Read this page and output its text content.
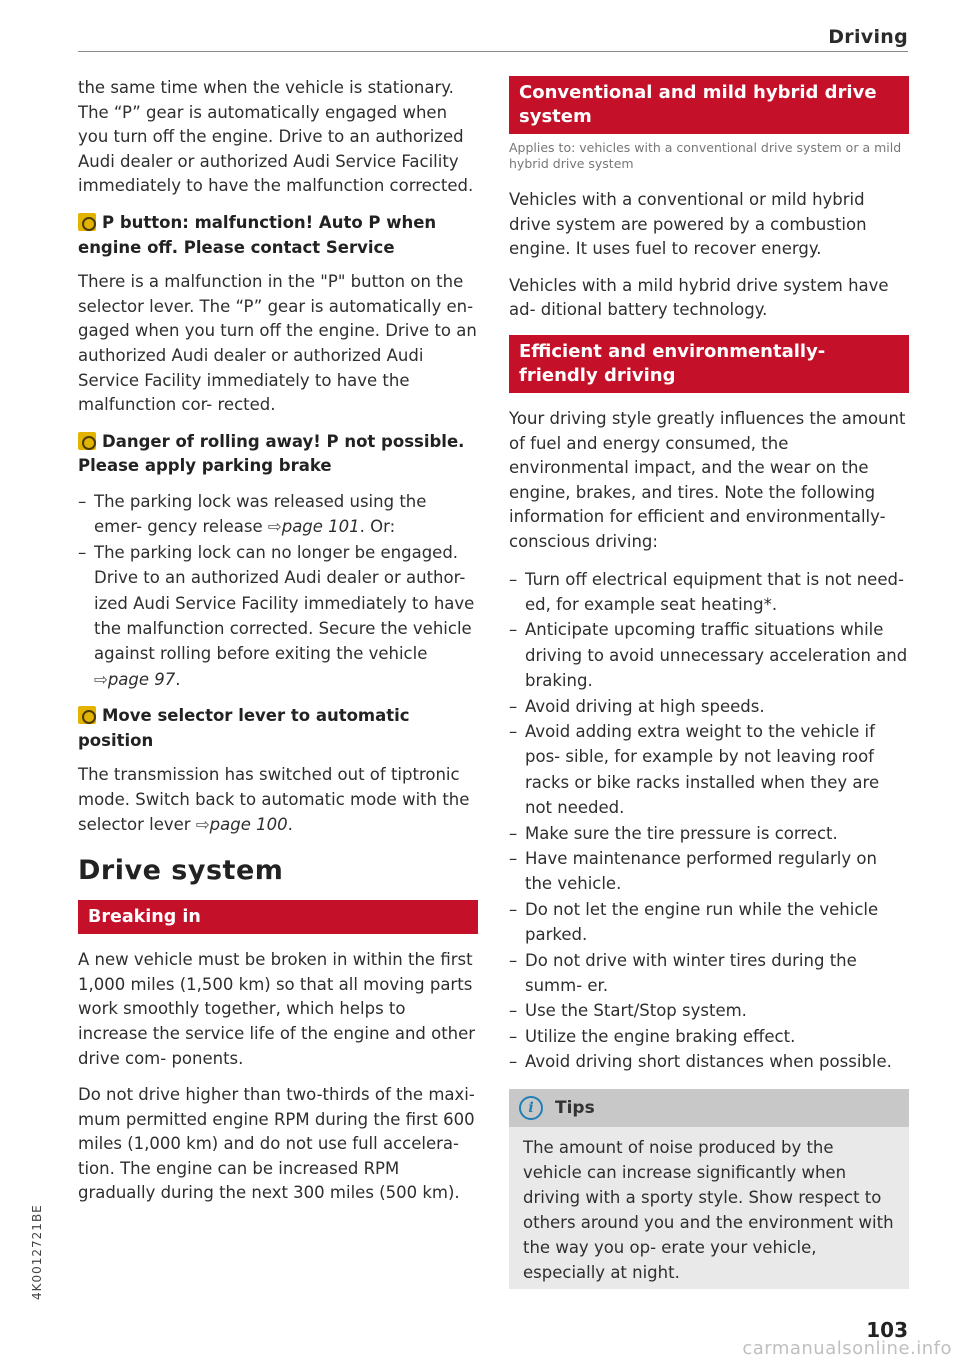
Driving

the same time when the vehicle is stationary. The “P” gear is automatically engaged when you turn off the engine. Drive to an authorized Audi dealer or authorized Audi Service Facility immediately to have the malfunction corrected.

P button: malfunction! Auto P when engine off. Please contact Service

There is a malfunction in the "P" button on the selector lever. The “P” gear is automatically en- gaged when you turn off the engine. Drive to an authorized Audi dealer or authorized Audi Service Facility immediately to have the malfunction cor- rected.

Danger of rolling away! P not possible. Please apply parking brake
– The parking lock was released using the emer- gency release ⇨page 101. Or:
– The parking lock can no longer be engaged. Drive to an authorized Audi dealer or author- ized Audi Service Facility immediately to have the malfunction corrected. Secure the vehicle against rolling before exiting the vehicle ⇨page 97.
Move selector lever to automatic position

The transmission has switched out of tiptronic mode. Switch back to automatic mode with the selector lever ⇨page 100.

Drive system
Breaking in

A new vehicle must be broken in within the first 1,000 miles (1,500 km) so that all moving parts work smoothly together, which helps to increase the service life of the engine and other drive com- ponents.

Do not drive higher than two-thirds of the maxi- mum permitted engine RPM during the first 600 miles (1,000 km) and do not use full accelera- tion. The engine can be increased RPM gradually during the next 300 miles (500 km).

Conventional and mild hybrid drive system
Applies to: vehicles with a conventional drive system or a mild hybrid drive system

Vehicles with a conventional or mild hybrid drive system are powered by a combustion engine. It uses fuel to recover energy.

Vehicles with a mild hybrid drive system have ad- ditional battery technology.

Efficient and environmentally-friendly driving

Your driving style greatly influences the amount of fuel and energy consumed, the environmental impact, and the wear on the engine, brakes, and tires. Note the following information for efficient and environmentally-conscious driving:

– Turn off electrical equipment that is not need- ed, for example seat heating*.
– Anticipate upcoming traffic situations while driving to avoid unnecessary acceleration and braking.
– Avoid driving at high speeds.
– Avoid adding extra weight to the vehicle if pos- sible, for example by not leaving roof racks or bike racks installed when they are not needed.
– Make sure the tire pressure is correct.
– Have maintenance performed regularly on the vehicle.
– Do not let the engine run while the vehicle parked.
– Do not drive with winter tires during the summ- er.
– Use the Start/Stop system.
– Utilize the engine braking effect.
– Avoid driving short distances when possible.
i	Tips
The amount of noise produced by the vehicle can increase significantly when driving with a sporty style. Show respect to others around you and the environment with the way you op- erate your vehicle, especially at night.
4K0012721BE
103
carmanualsonline.info
